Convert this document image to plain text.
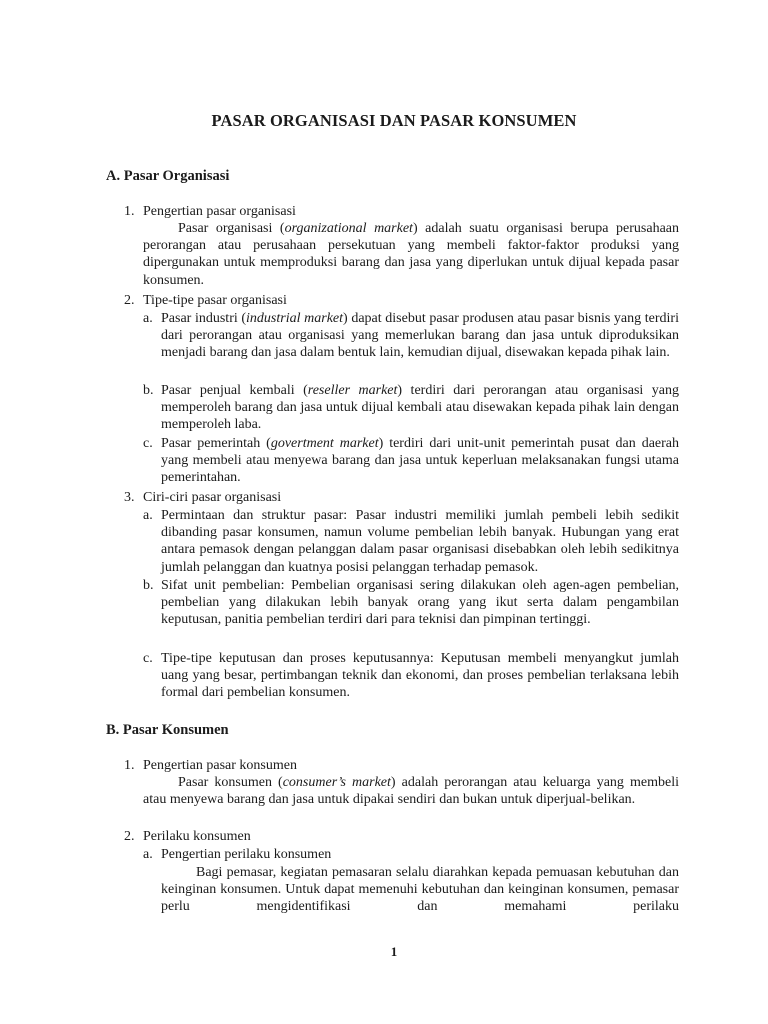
PASAR ORGANISASI DAN PASAR KONSUMEN
A. Pasar Organisasi
1. Pengertian pasar organisasi
Pasar organisasi (organizational market) adalah suatu organisasi berupa perusahaan perorangan atau perusahaan persekutuan yang membeli faktor-faktor produksi yang dipergunakan untuk memproduksi barang dan jasa yang diperlukan untuk dijual kepada pasar konsumen.
2. Tipe-tipe pasar organisasi
a. Pasar industri (industrial market) dapat disebut pasar produsen atau pasar bisnis yang terdiri dari perorangan atau organisasi yang memerlukan barang dan jasa untuk diproduksikan menjadi barang dan jasa dalam bentuk lain, kemudian dijual, disewakan kepada pihak lain.
b. Pasar penjual kembali (reseller market) terdiri dari perorangan atau organisasi yang memperoleh barang dan jasa untuk dijual kembali atau disewakan kepada pihak lain dengan memperoleh laba.
c. Pasar pemerintah (govertment market) terdiri dari unit-unit pemerintah pusat dan daerah yang membeli atau menyewa barang dan jasa untuk keperluan melaksanakan fungsi utama pemerintahan.
3. Ciri-ciri pasar organisasi
a. Permintaan dan struktur pasar: Pasar industri memiliki jumlah pembeli lebih sedikit dibanding pasar konsumen, namun volume pembelian lebih banyak. Hubungan yang erat antara pemasok dengan pelanggan dalam pasar organisasi disebabkan oleh lebih sedikitnya jumlah pelanggan dan kuatnya posisi pelanggan terhadap pemasok.
b. Sifat unit pembelian: Pembelian organisasi sering dilakukan oleh agen-agen pembelian, pembelian yang dilakukan lebih banyak orang yang ikut serta dalam pengambilan keputusan, panitia pembelian terdiri dari para teknisi dan pimpinan tertinggi.
c. Tipe-tipe keputusan dan proses keputusannya: Keputusan membeli menyangkut jumlah uang yang besar, pertimbangan teknik dan ekonomi, dan proses pembelian terlaksana lebih formal dari pembelian konsumen.
B. Pasar Konsumen
1. Pengertian pasar konsumen
Pasar konsumen (consumer’s market) adalah perorangan atau keluarga yang membeli atau menyewa barang dan jasa untuk dipakai sendiri dan bukan untuk diperjual-belikan.
2. Perilaku konsumen
a. Pengertian perilaku konsumen
Bagi pemasar, kegiatan pemasaran selalu diarahkan kepada pemuasan kebutuhan dan keinginan konsumen. Untuk dapat memenuhi kebutuhan dan keinginan konsumen, pemasar perlu mengidentifikasi dan memahami perilaku
1
